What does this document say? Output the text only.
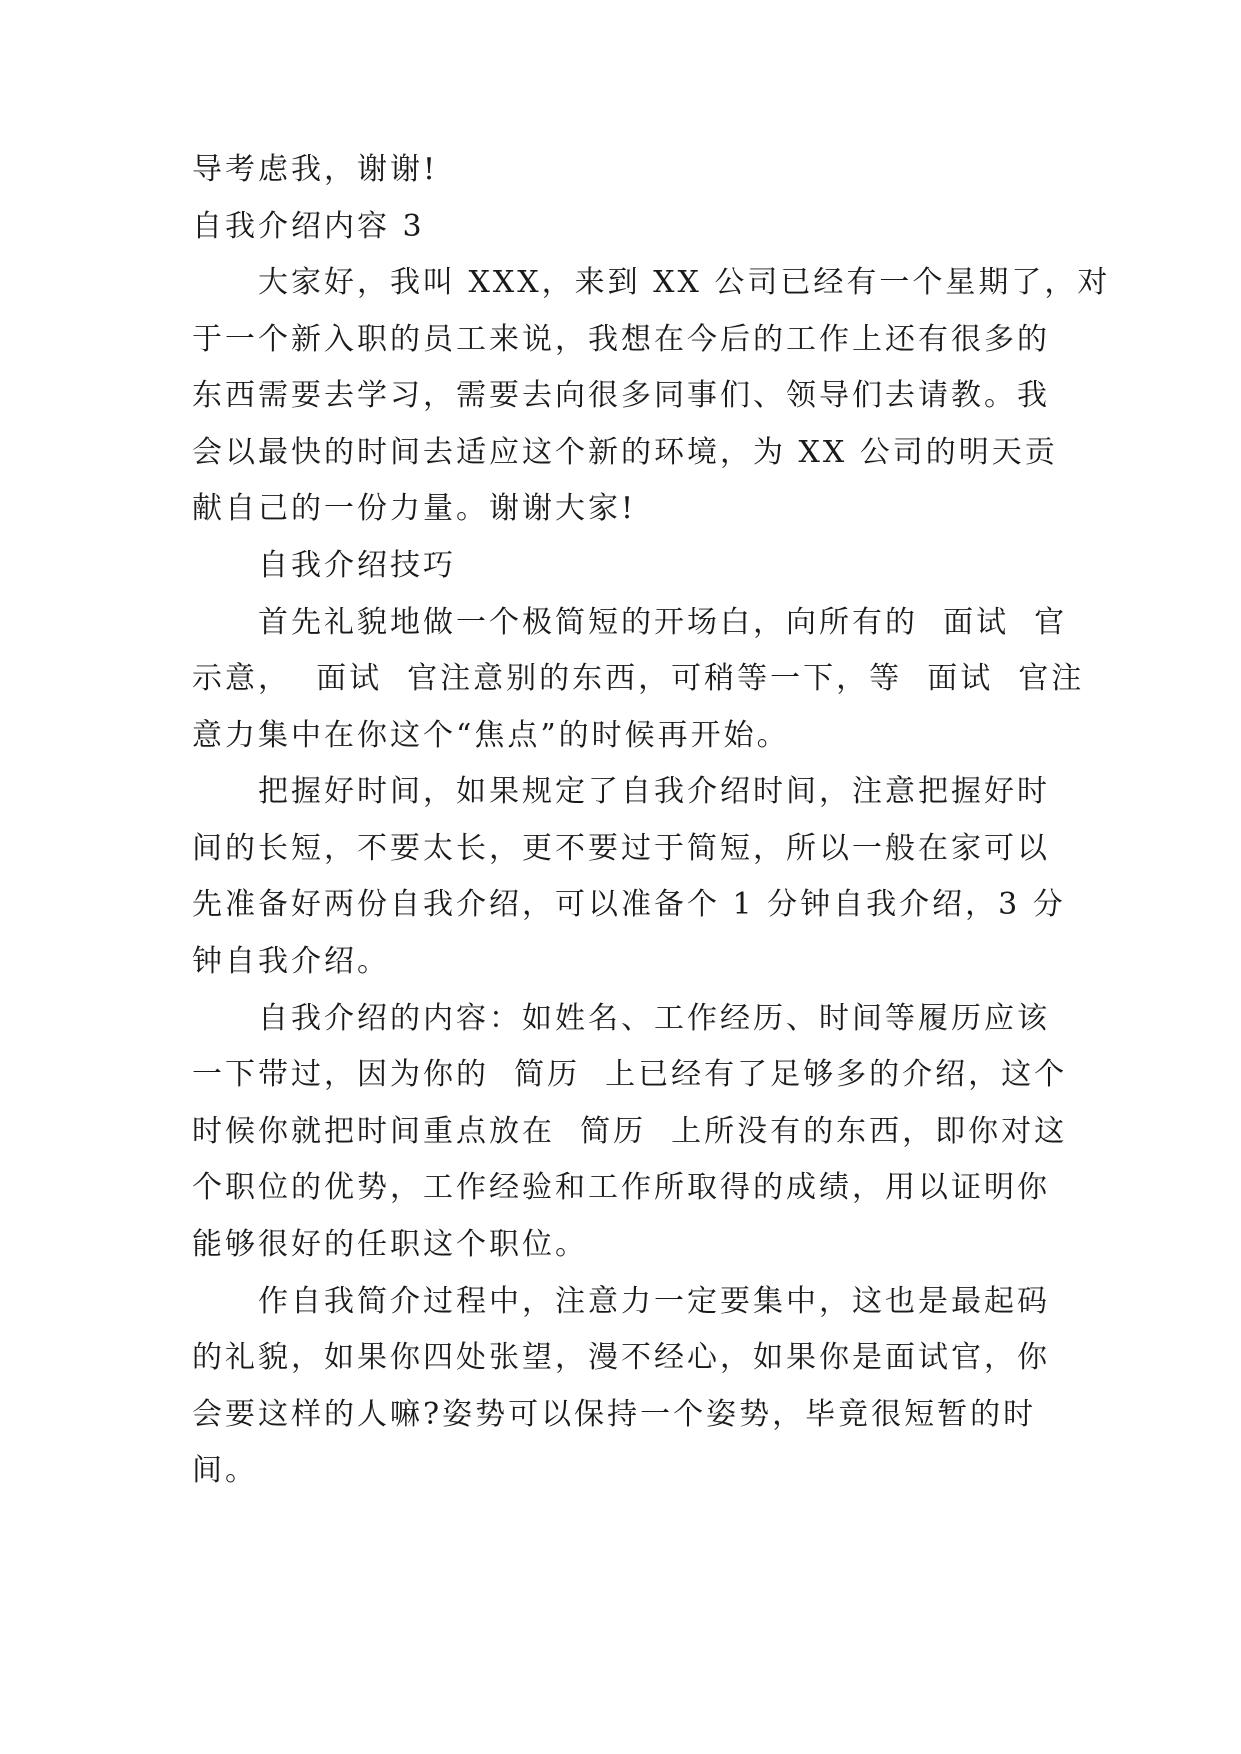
导考虑我，谢谢!

自我介绍内容 3

大家好，我叫 XXX，来到 XX 公司已经有一个星期了，对

于一个新入职的员工来说，我想在今后的工作上还有很多的

东西需要去学习，需要去向很多同事们、领导们去请教。我

会以最快的时间去适应这个新的环境，为 XX 公司的明天贡

献自己的一份力量。谢谢大家!

自我介绍技巧

首先礼貌地做一个极简短的开场白，向所有的  面试  官

示意，  面试  官注意别的东西，可稍等一下，等  面试  官注

意力集中在你这个“焦点”的时候再开始。

把握好时间，如果规定了自我介绍时间，注意把握好时

间的长短，不要太长，更不要过于简短，所以一般在家可以

先准备好两份自我介绍，可以准备个 1 分钟自我介绍，3 分

钟自我介绍。

自我介绍的内容：如姓名、工作经历、时间等履历应该

一下带过，因为你的  简历  上已经有了足够多的介绍，这个

时候你就把时间重点放在  简历  上所没有的东西，即你对这

个职位的优势，工作经验和工作所取得的成绩，用以证明你

能够很好的任职这个职位。

作自我简介过程中，注意力一定要集中，这也是最起码

的礼貌，如果你四处张望，漫不经心，如果你是面试官，你

会要这样的人嘛?姿势可以保持一个姿势，毕竟很短暂的时

间。
